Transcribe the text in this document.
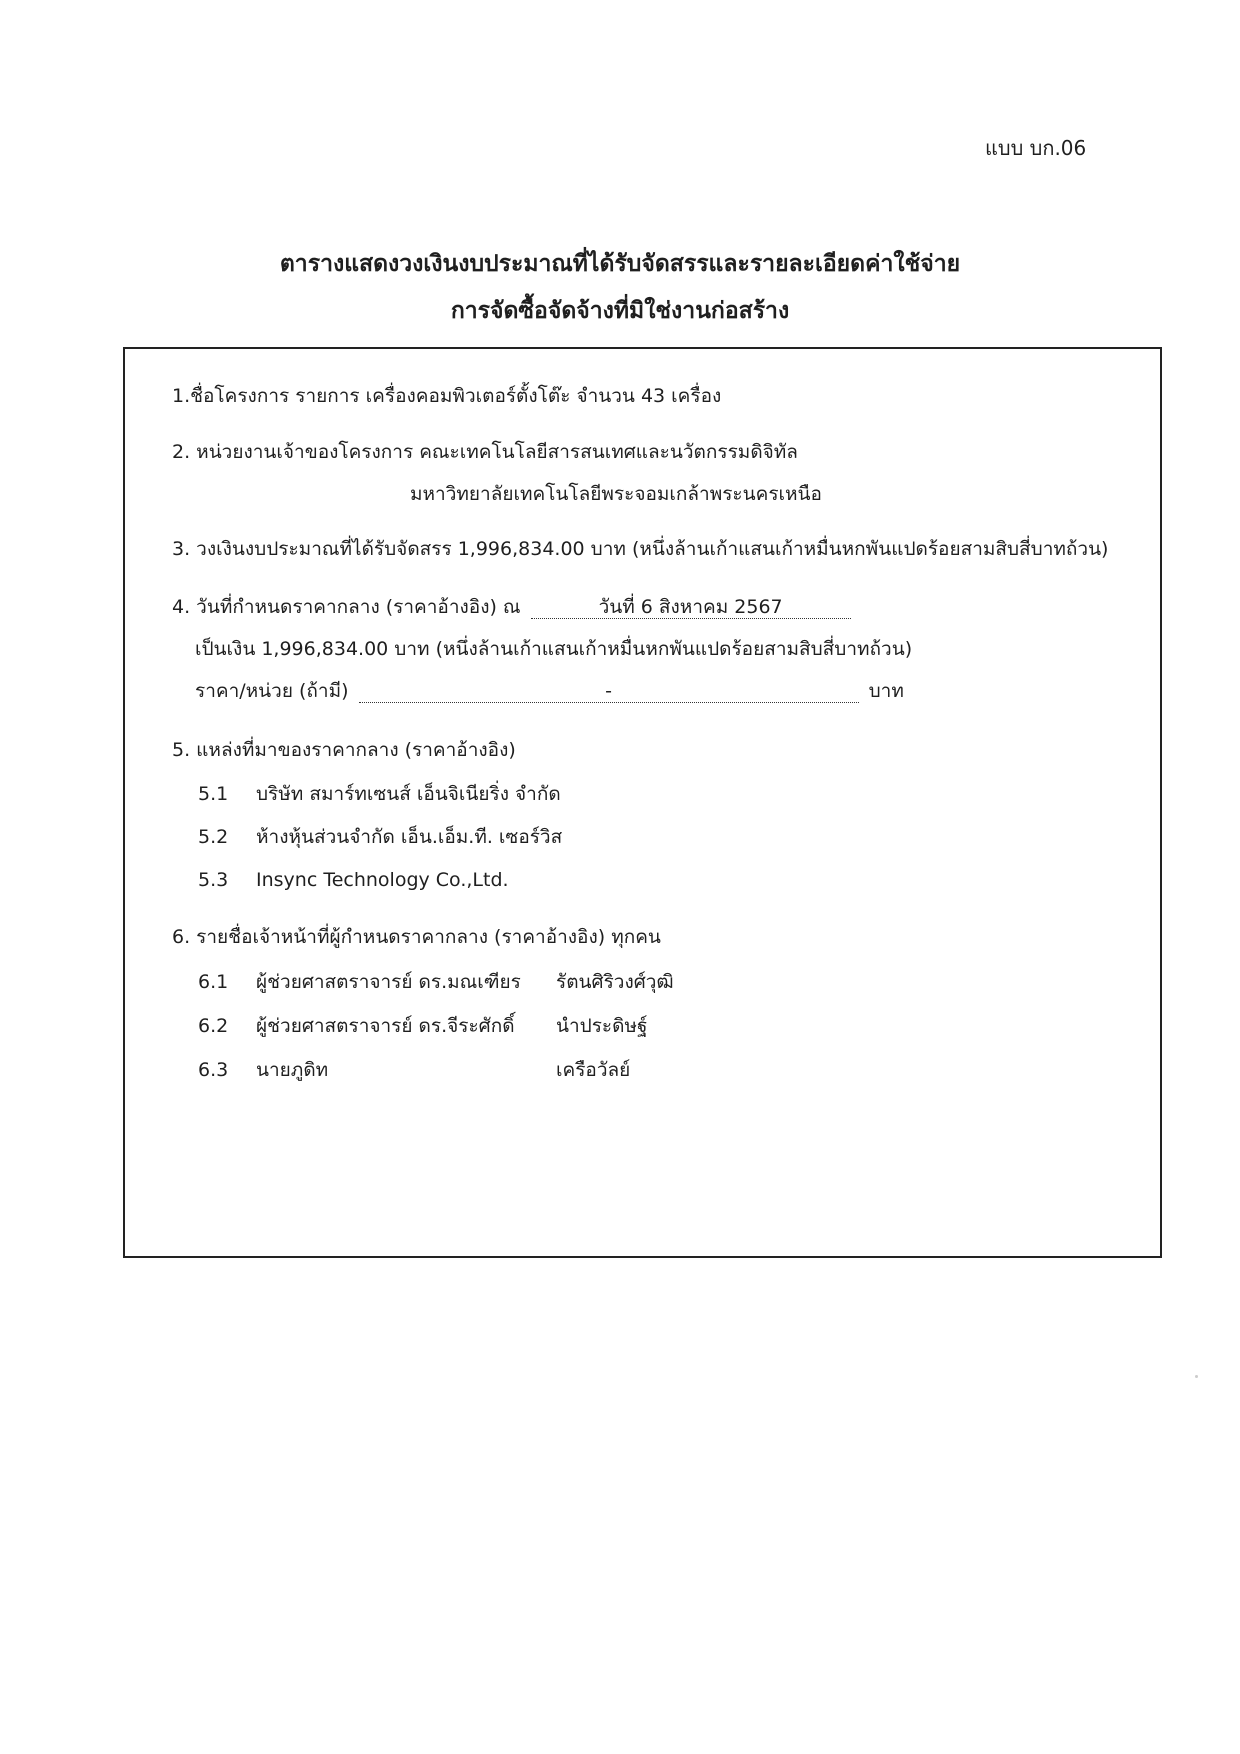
แบบ บก.06
ตารางแสดงวงเงินงบประมาณที่ได้รับจัดสรรและรายละเอียดค่าใช้จ่าย
การจัดซื้อจัดจ้างที่มิใช่งานก่อสร้าง
1.ชื่อโครงการ รายการ เครื่องคอมพิวเตอร์ตั้งโต๊ะ จำนวน 43 เครื่อง
2. หน่วยงานเจ้าของโครงการ คณะเทคโนโลยีสารสนเทศและนวัตกรรมดิจิทัล
มหาวิทยาลัยเทคโนโลยีพระจอมเกล้าพระนครเหนือ
3. วงเงินงบประมาณที่ได้รับจัดสรร 1,996,834.00 บาท (หนึ่งล้านเก้าแสนเก้าหมื่นหกพันแปดร้อยสามสิบสี่บาทถ้วน)
4. วันที่กำหนดราคากลาง (ราคาอ้างอิง) ณ	วันที่ 6 สิงหาคม 2567
เป็นเงิน 1,996,834.00 บาท (หนึ่งล้านเก้าแสนเก้าหมื่นหกพันแปดร้อยสามสิบสี่บาทถ้วน)
ราคา/หน่วย (ถ้ามี)	-	บาท
5. แหล่งที่มาของราคากลาง (ราคาอ้างอิง)
5.1 บริษัท สมาร์ทเซนส์ เอ็นจิเนียริ่ง จำกัด
5.2 ห้างหุ้นส่วนจำกัด เอ็น.เอ็ม.ที. เซอร์วิส
5.3 Insync Technology Co.,Ltd.
6. รายชื่อเจ้าหน้าที่ผู้กำหนดราคากลาง (ราคาอ้างอิง) ทุกคน
6.1 ผู้ช่วยศาสตราจารย์ ดร.มณเฑียร รัตนศิริวงศ์วุฒิ
6.2 ผู้ช่วยศาสตราจารย์ ดร.จีระศักดิ์ นำประดิษฐ์
6.3 นายภูดิท	เครือวัลย์
